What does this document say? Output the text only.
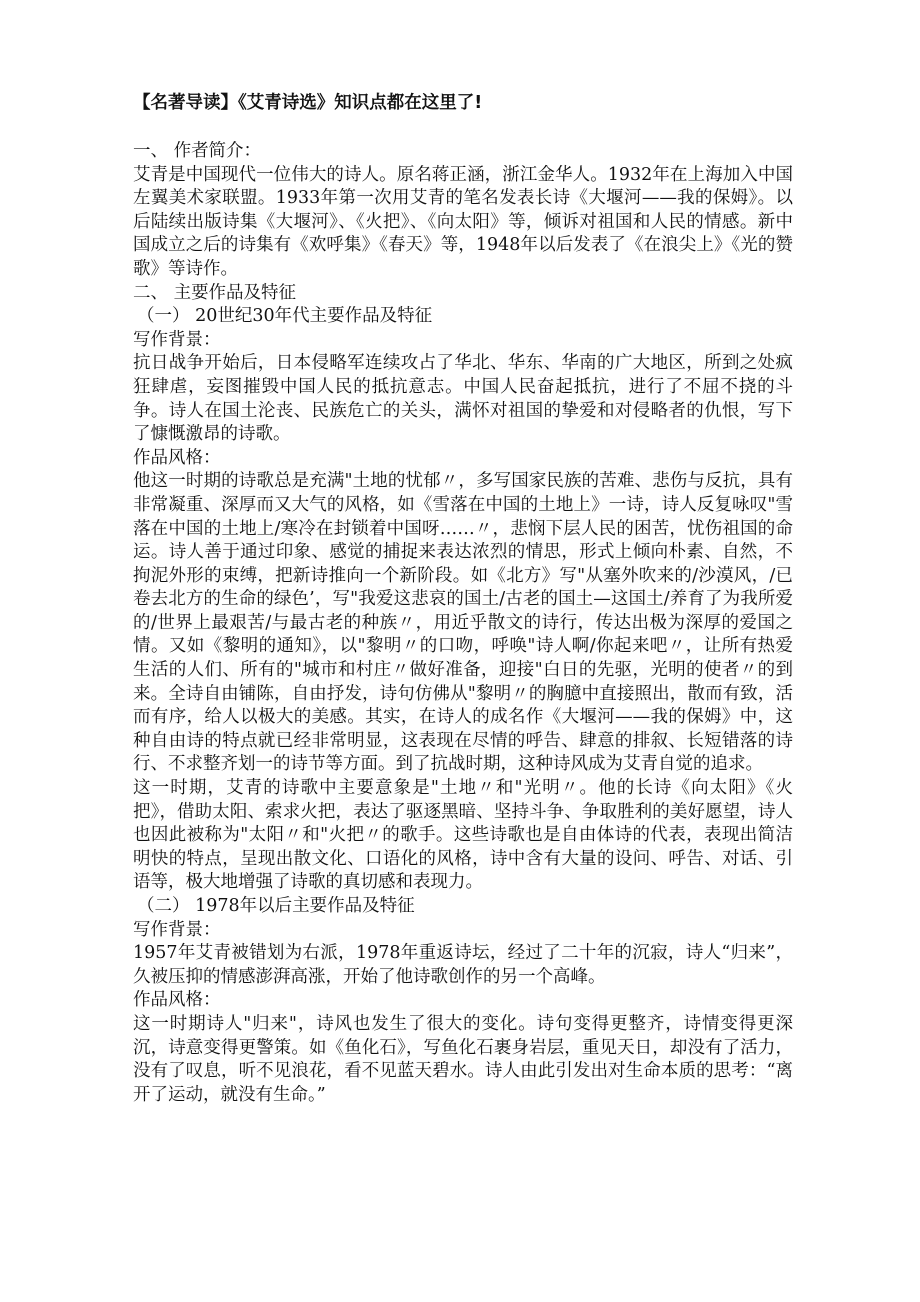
【名著导读】《艾青诗选》知识点都在这里了!

一、 作者简介：

艾青是中国现代一位伟大的诗人。原名蒋正涵，浙江金华人。1932年在上海加入中国左翼美术家联盟。1933年第一次用艾青的笔名发表长诗《大堰河——我的保姆》。以后陆续出版诗集《大堰河》、《火把》、《向太阳》等，倾诉对祖国和人民的情感。新中国成立之后的诗集有《欢呼集》《春天》等，1948年以后发表了《在浪尖上》《光的赞歌》等诗作。

二、 主要作品及特征

（一） 20世纪30年代主要作品及特征

写作背景：

抗日战争开始后，日本侵略军连续攻占了华北、华东、华南的广大地区，所到之处疯狂肆虐，妄图摧毁中国人民的抵抗意志。中国人民奋起抵抗，进行了不屈不挠的斗争。诗人在国土沦丧、民族危亡的关头，满怀对祖国的挚爱和对侵略者的仇恨，写下了慷慨激昂的诗歌。

作品风格：

他这一时期的诗歌总是充满"土地的忧郁〃，多写国家民族的苦难、悲伤与反抗，具有非常凝重、深厚而又大气的风格，如《雪落在中国的土地上》一诗，诗人反复咏叹"雪落在中国的土地上/寒冷在封锁着中国呀……〃，悲悯下层人民的困苦，忧伤祖国的命运。诗人善于通过印象、感觉的捕捉来表达浓烈的情思，形式上倾向朴素、自然，不拘泥外形的束缚，把新诗推向一个新阶段。如《北方》写"从塞外吹来的/沙漠风，/已卷去北方的生命的绿色’，写"我爱这悲哀的国土/古老的国土—这国土/养育了为我所爱的/世界上最艰苦/与最古老的种族〃，用近乎散文的诗行，传达出极为深厚的爱国之情。又如《黎明的通知》，以"黎明〃的口吻，呼唤"诗人啊/你起来吧〃，让所有热爱生活的人们、所有的"城市和村庄〃做好准备，迎接"白日的先驱，光明的使者〃的到来。全诗自由铺陈，自由抒发，诗句仿佛从"黎明〃的胸臆中直接照出，散而有致，活而有序，给人以极大的美感。其实，在诗人的成名作《大堰河——我的保姆》中，这种自由诗的特点就已经非常明显，这表现在尽情的呼告、肆意的排叙、长短错落的诗行、不求整齐划一的诗节等方面。到了抗战时期，这种诗风成为艾青自觉的追求。

这一时期，艾青的诗歌中主要意象是"土地〃和"光明〃。他的长诗《向太阳》《火把》，借助太阳、索求火把，表达了驱逐黑暗、坚持斗争、争取胜利的美好愿望，诗人也因此被称为"太阳〃和"火把〃的歌手。这些诗歌也是自由体诗的代表，表现出简洁明快的特点，呈现出散文化、口语化的风格，诗中含有大量的设问、呼告、对话、引语等，极大地增强了诗歌的真切感和表现力。

（二） 1978年以后主要作品及特征

写作背景：

1957年艾青被错划为右派，1978年重返诗坛，经过了二十年的沉寂，诗人“归来”，久被压抑的情感澎湃高涨，开始了他诗歌创作的另一个高峰。

作品风格：

这一时期诗人"归来"，诗风也发生了很大的变化。诗句变得更整齐，诗情变得更深沉，诗意变得更警策。如《鱼化石》，写鱼化石裹身岩层，重见天日，却没有了活力，没有了叹息，听不见浪花，看不见蓝天碧水。诗人由此引发出对生命本质的思考：“离开了运动，就没有生命。”
